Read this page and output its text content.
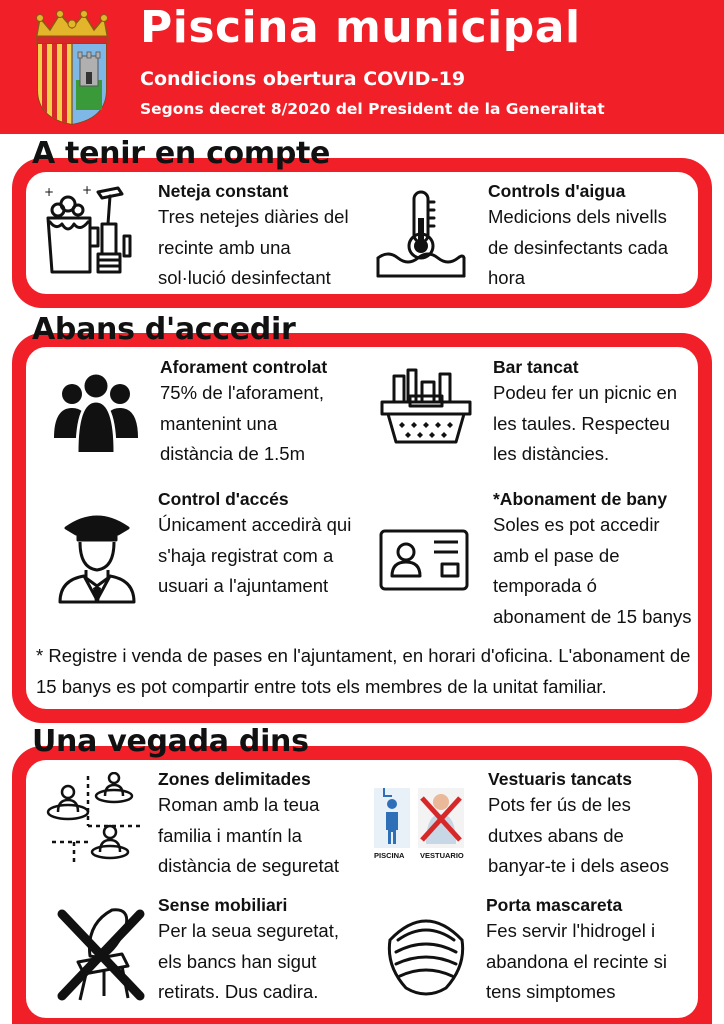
Piscina municipal
Condicions obertura COVID-19
Segons decret 8/2020 del President de la Generalitat
A tenir en compte
+ +	Neteja constant
Tres netejes diàries del
recinte amb una
sol·lució desinfectant
Controls d'aigua
Medicions dels nivells
de desinfectants cada
hora
Abans d'accedir
Aforament controlat
75% de l'aforament,
mantenint una
distància de 1.5m
Bar tancat
Podeu fer un picnic en
les taules. Respecteu
les distàncies.
Control d'accés
Únicament accedirà qui
s'haja registrat com a
usuari a l'ajuntament
*Abonament de bany
Soles es pot accedir
amb el pase de
temporada ó
abonament de 15 banys
* Registre i venda de pases en l'ajuntament, en horari d'oficina. L'abonament de 15 banys es pot compartir entre tots els membres de la unitat familiar.
Una vegada dins
Zones delimitades
Roman amb la teua
familia i mantín la
distància de seguretat	PISCINA VESTUARIO
Vestuaris tancats
Pots fer ús de les
dutxes abans de
banyar-te i dels aseos
Sense mobiliari
Per la seua seguretat,
els bancs han sigut
retirats. Dus cadira.
Porta mascareta
Fes servir l'hidrogel i
abandona el recinte si
tens simptomes
